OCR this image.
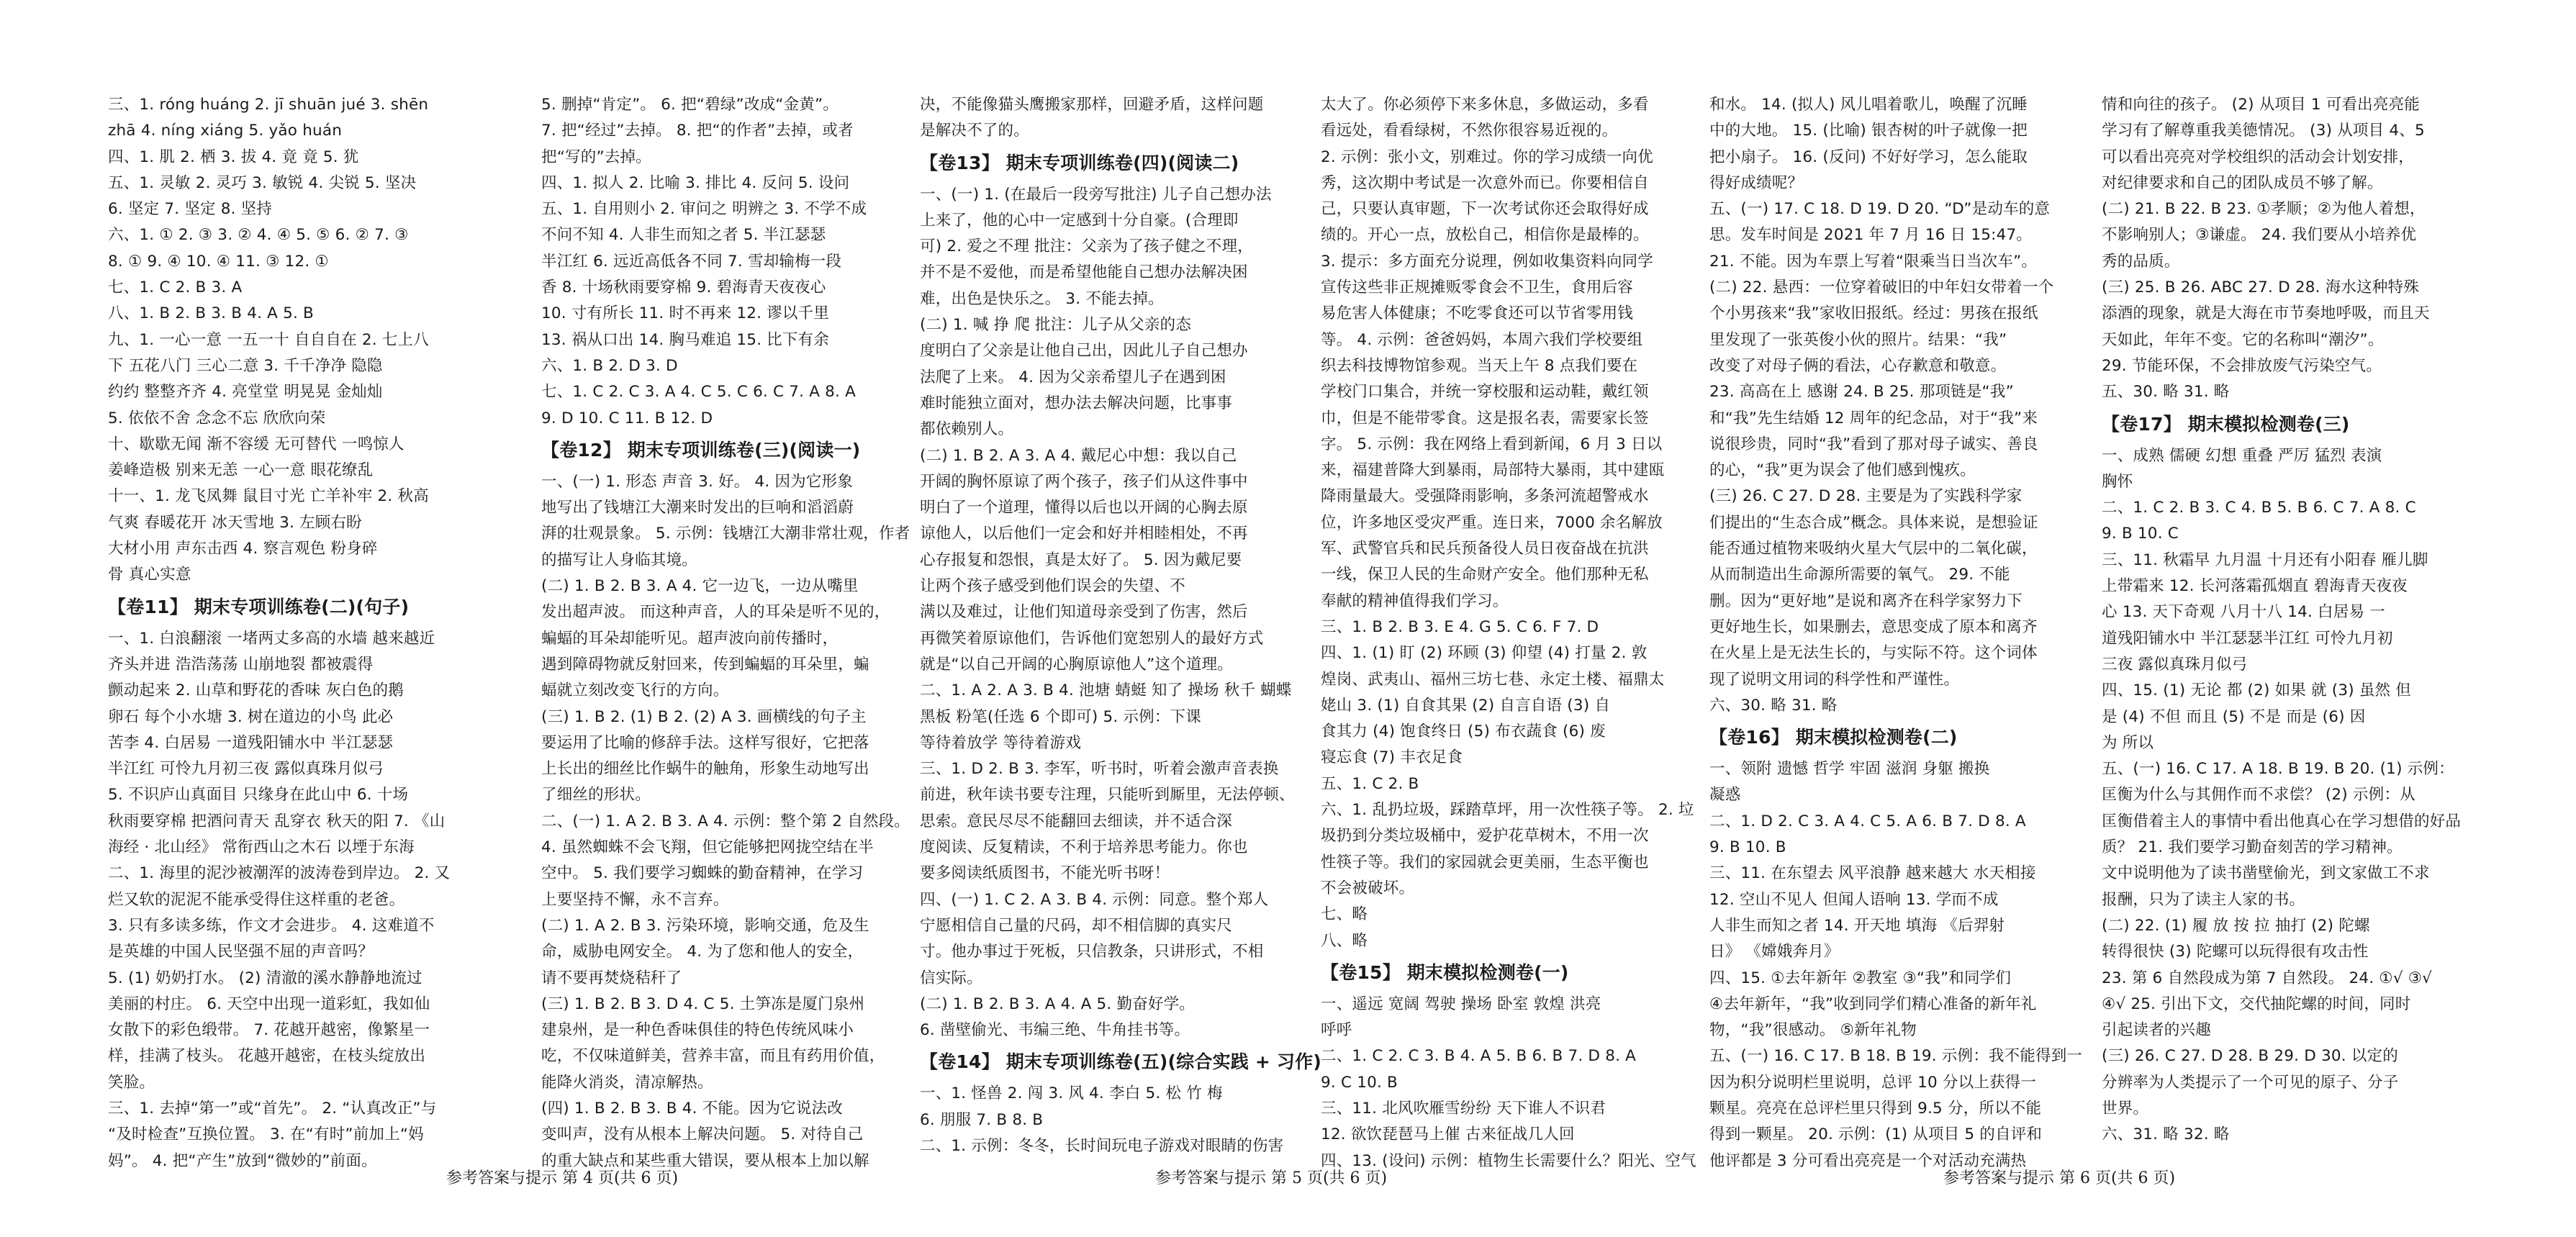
三、1. róng huáng 2. jī shuān jué 3. shēn
zhā 4. níng xiáng 5. yǎo huán
四、1. 肌 2. 栖 3. 拔 4. 竟 竟 5. 犹
五、1. 灵敏 2. 灵巧 3. 敏锐 4. 尖锐 5. 坚决
6. 坚定 7. 坚定 8. 坚持
六、1. ① 2. ③ 3. ② 4. ④ 5. ⑤ 6. ② 7. ③
8. ① 9. ④ 10. ④ 11. ③ 12. ①
七、1. C 2. B 3. A
八、1. B 2. B 3. B 4. A 5. B
九、1. 一心一意 一五一十 自自自在 2. 七上八
下 五花八门 三心二意 3. 千千净净 隐隐
约约 整整齐齐 4. 亮堂堂 明晃晃 金灿灿
5. 依依不舍 念念不忘 欣欣向荣
十、歇歇无闻 渐不容缓 无可替代 一鸣惊人
姜峰造极 别来无恙 一心一意 眼花缭乱
十一、1. 龙飞凤舞 鼠目寸光 亡羊补牢 2. 秋高
气爽 春暖花开 冰天雪地 3. 左顾右盼
大材小用 声东击西 4. 察言观色 粉身碎
骨 真心实意
【卷11】 期末专项训练卷(二)(句子)
一、1. 白浪翻滚 一堵两丈多高的水墙 越来越近
齐头并进 浩浩荡荡 山崩地裂 都被震得
颤动起来 2. 山草和野花的香味 灰白色的鹅
卵石 每个小水塘 3. 树在道边的小鸟 此必
苦李 4. 白居易 一道残阳铺水中 半江瑟瑟
半江红 可怜九月初三夜 露似真珠月似弓
5. 不识庐山真面目 只缘身在此山中 6. 十场
秋雨要穿棉 把酒问青天 乱穿衣 秋天的阳 7. 《山
海经 · 北山经》 常衔西山之木石 以堙于东海
二、1. 海里的泥沙被潮浑的波涛卷到岸边。 2. 又
烂又软的泥泥不能承受得住这样重的老爸。
3. 只有多读多练，作文才会进步。 4. 这难道不
是英雄的中国人民坚强不屈的声音吗？
5. (1) 奶奶打水。 (2) 清澈的溪水静静地流过
美丽的村庄。 6. 天空中出现一道彩虹，我如仙
女散下的彩色缎带。 7. 花越开越密，像繁星一
样，挂满了枝头。 花越开越密，在枝头绽放出
笑脸。
三、1. 去掉“第一”或“首先”。 2. “认真改正”与
“及时检查”互换位置。 3. 在“有时”前加上“妈
妈”。 4. 把“产生”放到“微妙的”前面。
5. 删掉“肯定”。 6. 把“碧绿”改成“金黄”。
7. 把“经过”去掉。 8. 把“的作者”去掉，或者
把“写的”去掉。
四、1. 拟人 2. 比喻 3. 排比 4. 反问 5. 设问
五、1. 自用则小 2. 审问之 明辨之 3. 不学不成
不问不知 4. 人非生而知之者 5. 半江瑟瑟
半江红 6. 远近高低各不同 7. 雪却输梅一段
香 8. 十场秋雨要穿棉 9. 碧海青天夜夜心
10. 寸有所长 11. 时不再来 12. 谬以千里
13. 祸从口出 14. 胸马难追 15. 比下有余
六、1. B 2. D 3. D
七、1. C 2. C 3. A 4. C 5. C 6. C 7. A 8. A
9. D 10. C 11. B 12. D
【卷12】 期末专项训练卷(三)(阅读一)
一、(一) 1. 形态 声音 3. 好。 4. 因为它形象
地写出了钱塘江大潮来时发出的巨响和滔滔蔚
湃的壮观景象。 5. 示例：钱塘江大潮非常壮观，作者
的描写让人身临其境。
(二) 1. B 2. B 3. A 4. 它一边飞，一边从嘴里
发出超声波。 而这种声音，人的耳朵是听不见的，
蝙蝠的耳朵却能听见。超声波向前传播时，
遇到障碍物就反射回来，传到蝙蝠的耳朵里，蝙
蝠就立刻改变飞行的方向。
(三) 1. B 2. (1) B 2. (2) A 3. 画横线的句子主
要运用了比喻的修辞手法。这样写很好，它把落
上长出的细丝比作蜗牛的触角，形象生动地写出
了细丝的形状。
二、(一) 1. A 2. B 3. A 4. 示例：整个第 2 自然段。
4. 虽然蜘蛛不会飞翔，但它能够把网拢空结在半
空中。 5. 我们要学习蜘蛛的勤奋精神，在学习
上要坚持不懈，永不言弃。
(二) 1. A 2. B 3. 污染环境，影响交通，危及生
命，威胁电网安全。 4. 为了您和他人的安全，
请不要再焚烧秸秆了
(三) 1. B 2. B 3. D 4. C 5. 土笋冻是厦门泉州
建泉州，是一种色香味俱佳的特色传统风味小
吃，不仅味道鲜美，营养丰富，而且有药用价值，
能降火消炎，清凉解热。
(四) 1. B 2. B 3. B 4. 不能。因为它说法改
变叫声，没有从根本上解决问题。 5. 对待自己
的重大缺点和某些重大错误，要从根本上加以解
决，不能像猫头鹰搬家那样，回避矛盾，这样问题
是解决不了的。
【卷13】 期末专项训练卷(四)(阅读二)
一、(一) 1. (在最后一段旁写批注) 儿子自己想办法
上来了，他的心中一定感到十分自豪。(合理即
可) 2. 爱之不理 批注：父亲为了孩子健之不理，
并不是不爱他，而是希望他能自己想办法解决困
难，出色是快乐之。 3. 不能去掉。
(二) 1. 喊 挣 爬 批注：儿子从父亲的态
度明白了父亲是让他自己出，因此儿子自己想办
法爬了上来。 4. 因为父亲希望儿子在遇到困
难时能独立面对，想办法去解决问题，比事事
都依赖别人。
(二) 1. B 2. A 3. A 4. 戴尼心中想：我以自己
开阔的胸怀原谅了两个孩子，孩子们从这件事中
明白了一个道理，懂得以后也以开阔的心胸去原
谅他人，以后他们一定会和好并相睦相处，不再
心存报复和怨恨，真是太好了。 5. 因为戴尼要
让两个孩子感受到他们误会的失望、不
满以及难过，让他们知道母亲受到了伤害，然后
再微笑着原谅他们，告诉他们宽恕别人的最好方式
就是“以自己开阔的心胸原谅他人”这个道理。
二、1. A 2. A 3. B 4. 池塘 蜻蜓 知了 操场 秋千 蝴蝶
黑板 粉笔(任选 6 个即可) 5. 示例：下课
等待着放学 等待着游戏
三、1. D 2. B 3. 李军，听书时，听着会激声音表换
前进，秋年读书要专注理，只能听到厮里，无法停顿、
思索。意民尽尽不能翻回去细读，并不适合深
度阅读、反复精读，不利于培养思考能力。你也
要多阅读纸质图书，不能光听书呀！
四、(一) 1. C 2. A 3. B 4. 示例：同意。整个郑人
宁愿相信自己量的尺码，却不相信脚的真实尺
寸。他办事过于死板，只信教条，只讲形式，不相
信实际。
(二) 1. B 2. B 3. A 4. A 5. 勤奋好学。
6. 凿壁偷光、韦编三绝、牛角挂书等。
【卷14】 期末专项训练卷(五)(综合实践 + 习作)
一、1. 怪兽 2. 闯 3. 风 4. 李白 5. 松 竹 梅
6. 朋服 7. B 8. B
二、1. 示例：冬冬，长时间玩电子游戏对眼睛的伤害
太大了。你必须停下来多休息，多做运动，多看
看远处，看看绿树，不然你很容易近视的。
2. 示例：张小文，别难过。你的学习成绩一向优
秀，这次期中考试是一次意外而已。你要相信自
己，只要认真审题，下一次考试你还会取得好成
绩的。开心一点，放松自己，相信你是最棒的。
3. 提示：多方面充分说理，例如收集资料向同学
宣传这些非正规摊贩零食会不卫生，食用后容
易危害人体健康；不吃零食还可以节省零用钱
等。 4. 示例：爸爸妈妈，本周六我们学校要组
织去科技博物馆参观。当天上午 8 点我们要在
学校门口集合，并统一穿校服和运动鞋，戴红领
巾，但是不能带零食。这是报名表，需要家长签
字。 5. 示例：我在网络上看到新闻，6 月 3 日以
来，福建普降大到暴雨，局部特大暴雨，其中建瓯
降雨量最大。受强降雨影响，多条河流超警戒水
位，许多地区受灾严重。连日来，7000 余名解放
军、武警官兵和民兵预备役人员日夜奋战在抗洪
一线，保卫人民的生命财产安全。他们那种无私
奉献的精神值得我们学习。
三、1. B 2. B 3. E 4. G 5. C 6. F 7. D
四、1. (1) 盯 (2) 环顾 (3) 仰望 (4) 打量 2. 敦
煌岗、武夷山、福州三坊七巷、永定土楼、福鼎太
姥山 3. (1) 自食其果 (2) 自言自语 (3) 自
食其力 (4) 饱食终日 (5) 布衣蔬食 (6) 废
寝忘食 (7) 丰衣足食
五、1. C 2. B
六、1. 乱扔垃圾，踩踏草坪，用一次性筷子等。 2. 垃
圾扔到分类垃圾桶中，爱护花草树木，不用一次
性筷子等。我们的家园就会更美丽，生态平衡也
不会被破坏。
七、略
八、略
【卷15】 期末模拟检测卷(一)
一、遥远 宽阔 驾驶 操场 卧室 敦煌 洪亮
呼呼
二、1. C 2. C 3. B 4. A 5. B 6. B 7. D 8. A
9. C 10. B
三、11. 北风吹雁雪纷纷 天下谁人不识君
12. 欲饮琵琶马上催 古来征战几人回
四、13. (设问) 示例：植物生长需要什么？阳光、空气
和水。 14. (拟人) 风儿唱着歌儿，唤醒了沉睡
中的大地。 15. (比喻) 银杏树的叶子就像一把
把小扇子。 16. (反问) 不好好学习，怎么能取
得好成绩呢？
五、(一) 17. C 18. D 19. D 20. “D”是动车的意
思。发车时间是 2021 年 7 月 16 日 15:47。
21. 不能。因为车票上写着“限乘当日当次车”。
(二) 22. 悬西：一位穿着破旧的中年妇女带着一个
个小男孩来“我”家收旧报纸。经过：男孩在报纸
里发现了一张英俊小伙的照片。结果：“我”
改变了对母子俩的看法，心存歉意和敬意。
23. 高高在上 感谢 24. B 25. 那项链是“我”
和“我”先生结婚 12 周年的纪念品，对于“我”来
说很珍贵，同时“我”看到了那对母子诚实、善良
的心，“我”更为误会了他们感到愧疚。
(三) 26. C 27. D 28. 主要是为了实践科学家
们提出的“生态合成”概念。具体来说，是想验证
能否通过植物来吸纳火星大气层中的二氧化碳，
从而制造出生命源所需要的氧气。 29. 不能
删。因为“更好地”是说和离齐在科学家努力下
更好地生长，如果删去，意思变成了原本和离齐
在火星上是无法生长的，与实际不符。这个词体
现了说明文用词的科学性和严谨性。
六、30. 略 31. 略
【卷16】 期末模拟检测卷(二)
一、领附 遗憾 哲学 牢固 滋润 身躯 搬换
凝惑
二、1. D 2. C 3. A 4. C 5. A 6. B 7. D 8. A
9. B 10. B
三、11. 在东望去 风平浪静 越来越大 水天相接
12. 空山不见人 但闻人语响 13. 学而不成
人非生而知之者 14. 开天地 填海 《后羿射
日》 《嫦娥奔月》
四、15. ①去年新年 ②教室 ③“我”和同学们
④去年新年，“我”收到同学们精心准备的新年礼
物，“我”很感动。 ⑤新年礼物
五、(一) 16. C 17. B 18. B 19. 示例：我不能得到一
因为积分说明栏里说明，总评 10 分以上获得一
颗星。亮亮在总评栏里只得到 9.5 分，所以不能
得到一颗星。 20. 示例：(1) 从项目 5 的自评和
他评都是 3 分可看出亮亮是一个对活动充满热
情和向往的孩子。 (2) 从项目 1 可看出亮亮能
学习有了解尊重我美德情况。 (3) 从项目 4、5
可以看出亮亮对学校组织的活动会计划安排，
对纪律要求和自己的团队成员不够了解。
(二) 21. B 22. B 23. ①孝顺；②为他人着想，
不影响别人；③谦虚。 24. 我们要从小培养优
秀的品质。
(三) 25. B 26. ABC 27. D 28. 海水这种特殊
添酒的现象，就是大海在市节奏地呼吸，而且天
天如此，年年不变。它的名称叫“潮汐”。
29. 节能环保，不会排放废气污染空气。
五、30. 略 31. 略
【卷17】 期末模拟检测卷(三)
一、成熟 儒硬 幻想 重叠 严厉 猛烈 表演
胸怀
二、1. C 2. B 3. C 4. B 5. B 6. C 7. A 8. C
9. B 10. C
三、11. 秋霜早 九月温 十月还有小阳春 雁儿脚
上带霜来 12. 长河落霜孤烟直 碧海青天夜夜
心 13. 天下奇观 八月十八 14. 白居易 一
道残阳铺水中 半江瑟瑟半江红 可怜九月初
三夜 露似真珠月似弓
四、15. (1) 无论 都 (2) 如果 就 (3) 虽然 但
是 (4) 不但 而且 (5) 不是 而是 (6) 因
为 所以
五、(一) 16. C 17. A 18. B 19. B 20. (1) 示例：
匡衡为什么与其佣作而不求偿？ (2) 示例：从
匡衡借着主人的事情中看出他真心在学习想借的好品
质？ 21. 我们要学习勤奋刻苦的学习精神。
文中说明他为了读书凿壁偷光，到文家做工不求
报酬，只为了读主人家的书。
(二) 22. (1) 履 放 按 拉 抽打 (2) 陀螺
转得很快 (3) 陀螺可以玩得很有攻击性
23. 第 6 自然段成为第 7 自然段。 24. ①√ ③√
④√ 25. 引出下文，交代抽陀螺的时间，同时
引起读者的兴趣
(三) 26. C 27. D 28. B 29. D 30. 以定的
分辨率为人类提示了一个可见的原子、分子
世界。
六、31. 略 32. 略
参考答案与提示 第 4 页(共 6 页)	参考答案与提示 第 5 页(共 6 页)	参考答案与提示 第 6 页(共 6 页)
